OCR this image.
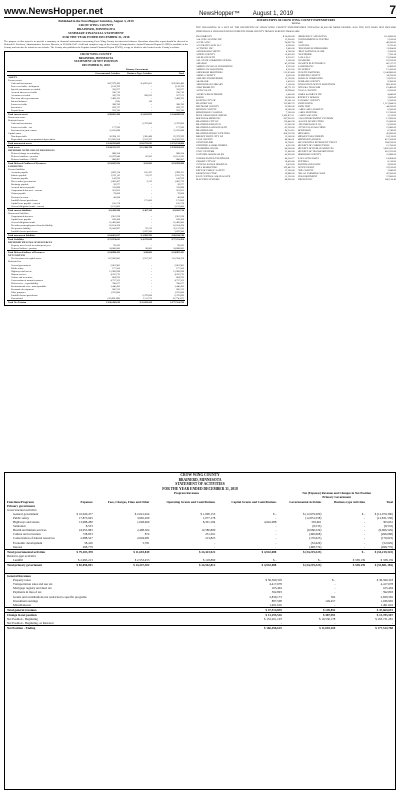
www.NewsHopper.net	NewsHopper™ August 1, 2019	7
Published in the NewsHopper Saturday, August 3, 2019
CROW WING COUNTY
BRAINERD, MINNESOTA
SUMMARY FINANCIAL STATEMENT
FOR THE YEAR ENDED DECEMBER 31, 2018
The purpose of this report is to provide a summary of financial information concerning Crow Wing County for interested citizens. Questions about this report should be directed to Deborah E. Erickson, Administrative Services Director, at 218-824-1047. A full and complete copy of the County's Comprehensive Annual Financial Report (CAFR) is available at the County and can also be found on our website. The County also publishes the Popular Annual Financial Report (PAFR), a copy of which is also located on the County's website.
CROW WING COUNTY
BRAINERD, MINNESOTA
STATEMENT OF NET POSITION
DECEMBER 31, 2018
	Primary Government		
	Governmental Activities	Business-Type Activities	Total
ASSETS			
Current assets			
Cash and investments	$ 87,979,429	$ 4,823,051	$ 92,802,480
Taxes receivable - delinquent	1,158,769	-	1,158,769
Special assessments receivable	310,877	-	310,877
Accrued interest receivable	250,716	-	250,716
Accounts receivable	326,759	200,812	527,571
Due from other governments	7,468,333	-	7,468,333
Internal balances	(110)	110	-
Loans receivable	388,786	-	388,786
Inventories	829,117	-	829,117
Prepaid items	932,336	-	932,336
Total current assets	$ 99,665,286	$ 5,023,973	$ 104,689,259
Noncurrent assets			
Restricted assets			
Cash and investments	-	6,379,090	6,379,090
Loans receivable - net	177,936	-	177,936
Investment in joint venture	11,635,688	-	11,635,688
Capital assets			
Non-depreciable	20,994,111	1,385,488	22,379,599
Depreciable - net of accumulated depreciation	112,050,354	2,512,237	114,562,591
Total noncurrent assets	$ 144,858,089	$ 10,276,815	$ 155,134,904
Total assets	$ 244,523,375	$ 15,300,788	$ 259,824,163
DEFERRED OUTFLOWS OF RESOURCES			
Deferred charge on refunding	888,164	-	888,164
Deferred outflows - pension	18,079,040	82,203	18,161,243
Deferred outflows - OPEB	880,087	-	880,087
Total Deferred Outflows of Resources	$ 19,847,291	$ 82,203	$ 19,929,494
LIABILITIES			
Current liabilities			
Accounts payable	1,893,574	105,187	1,998,761
Salaries payable	1,232,115	23,617	1,255,732
Contracts payable	143,970	-	143,970
Due to other governments	1,002,427	3,312	1,005,739
Retainage payable	39,277	-	39,277
Accrued interest payable	110,898	-	110,898
Compensated absences - current	501,653	-	501,653
Claims payable	78,668	-	78,668
Unearned revenue	46,838	-	46,838
Landfill closure/postclosure	-	175,000	175,000
Capital lease payable - current	105,178	-	105,178
General obligation bonds - current	3,155,000	-	3,155,000
Total current liabilities	$ 8,309,598	$ 307,116	$ 8,616,714
Noncurrent liabilities			
Compensated absences	1,901,228	-	1,901,228
Capital lease payable	620,438	-	620,438
General obligation bonds	16,485,000	-	16,485,000
Net other postemployment benefits liability	10,614,474	-	10,614,474
Net pension liability	35,043,897	93,123	35,137,020
Landfill closure/postclosure	-	3,876,580	3,876,580
Total noncurrent liabilities	$ 64,665,037	$ 3,969,703	$ 68,634,740
Total Liabilities	$ 72,974,635	$ 4,276,819	$ 77,251,454
DEFERRED INFLOWS OF RESOURCES			
Property taxes levied for subsequent year	99,412	-	99,412
Deferred inflows - pension	24,800,000	88,003	24,888,003
Total Deferred Inflows of Resources	$ 24,899,412	$ 88,003	$ 24,987,415
NET POSITION			
Net investment in capital assets	107,066,802	3,527,357	110,594,159
Restricted for			
General government	2,061,905	-	2,061,905
Public safety	177,166	-	177,166
Highways and streets	13,966,698	-	13,966,698
Human services	4,216,713	-	4,216,713
Culture and recreation	864,912	-	864,912
Conservation of natural resources	4,757,162	-	4,757,162
Debt service - expendability	780,077	-	780,077
Environmental svcs - nonexpendable	1,446,456	-	1,446,456
Economic development	666,313	-	666,313
Other purposes	1,225,000	-	1,225,000
Landfill closure/postclosure	-	6,379,090	6,379,090
Unrestricted	(10,886,289)	1,111,722	(9,774,567)
Total Net Position	$ 166,496,619	$ 11,018,169	$ 177,514,788
2018 RECEIPTS OF CROW WING COUNTY EXPENDITURES
TOTAL
THE FOLLOWING IS A LIST OF THE RECIPIENTS OF CROW WING COUNTY EXPENDITURES TOTALING $2,000 OR MORE DURING 2018. THE LIST DOES NOT INCLUDE INDIVIDUALS WHO RECEIVED PAYMENTS FROM COUNTY HUMAN SERVICE PROGRAMS.
3M COMPANY	$ 26,000.08
A & J EXCAVATING INC	11,000.00
ACCELA INC	24,907.90
ACCURATE LOCK LLC	6,200.45
ACTIVE911 INC	2,400.00
AFFORDABLE SEPTIC	4,760.00
AITKIN COUNTY	12,450.83
ALLINA HEALTH	8,210.12
ALL STATE COMMUNICATIONS	3,100.00
AMAZON	45,129.66
AMERICAN LEGAL PUBLISHING	9,250.00
AMERICAN SOLUTIONS	4,210.50
ANDERSON BROTHERS	512,874.40
ANOKA COUNTY	6,020.00
APPLIED ENGINEERING	15,700.00
ARAMARK	3,450.10
ARROWHEAD LIBRARY	2,100.00
AT&T MOBILITY	48,771.29
AUTO VALUE	10,998.42
AVERY WEIGH-TRONIX	5,400.00
BAIRD	18,000.00
BAXTER CITY OF	92,341.14
BEAUDRY OIL	133,882.70
BELTRAMI COUNTY	22,080.00
BENTON COUNTY	14,360.00
BERGERSON CASWELL	7,200.00
BLUE CROSS BLUE SHIELD	3,450,871.11
BOLTON & MENK INC	287,930.16
BRAINERD CITY OF	176,443.38
BRAINERD DISPATCH	21,902.00
BRAINERD LAKES HEALTH	65,230.00
BRAINERD OIL	96,114.55
BRAINERD PUBLIC UTILITIES	458,332.90
BREEZY POINT CITY OF	13,500.00
CASS COUNTY	88,240.31
CENTURYLINK	58,760.11
CERTIFIED LABORATORIES	4,012.00
CHAMBERLAIN OIL	66,300.00
CIVIC SYSTEMS	31,400.00
CLIFTONLARSONALLEN	42,900.00
CONSOLIDATED TELEPHONE	84,216.77
CROSBY CITY OF	18,450.00
CUYUNA RANGE HOSPITAL	9,870.00
DELL MARKETING	102,447.20
DEPT OF PUBLIC SAFETY	17,300.00
DESIGN ELECTRIC	26,480.00
EAST CENTRAL SOLID WASTE	53,120.00
ELECTION SYSTEMS	88,900.00
EMERGENCY APPARATUS	$ 14,800.00
ENVIRONMENTAL TESTING	5,610.00
ESRI	48,200.00
FASTENAL	9,332.41
FERGUSON WATERWORKS	11,004.00
FIRST NATIONAL BANK	3,200.00
FLEETPRIDE	7,760.18
GALLS LLC	21,034.66
GRAINGER	18,220.00
GRANITE ELECTRONICS	66,517.27
HAWKINS INC	8,409.00
HD SUPPLY	12,410.00
HEALTH PARTNERS	2,140,880.00
HENNEPIN COUNTY	34,220.00
HOLIDAY COMPANIES	31,870.55
HUBBARD COUNTY	8,300.00
INNOVATIVE OFFICE SOLUTIONS	88,143.00
INTEGRA TELECOM	19,460.00
ITASCA COUNTY	6,200.00
JAMES & GRIEVE INC	4,840.00
JEFFREY L BOMAN	3,000.00
KANABEC COUNTY	2,500.00
KNIFE RIVER	1,112,844.32
KWIK TRIP	44,200.00
LAKES AREA HABITAT	6,500.00
LAKES PRINTING	12,330.00
LANGUAGE LINE	5,120.00
LAW ENFORCEMENT SYSTEMS	12,900.00
LEAGUE OF MN CITIES	25,000.00
LIFE INSURANCE CO	11,200.00
LITTLE FALLS MACHINE	21,880.00
MCKESSON	6,740.00
MENARDS	45,600.00
MIDWEST MACHINERY	18,120.00
MINNESOTA POWER	412,356.00
MN COUNTIES INTERGOVT TRUST	384,230.00
MN DEPT OF CORRECTIONS	15,700.00
MN DEPT OF HUMAN SERVICES	3,802,412.30
MN DEPT OF TRANSPORTATION	610,225.00
MORRISON COUNTY	55,880.00
NAPA AUTO PARTS	14,904.00
NEXTERA	8,110.00
NORTHLAND PARTS	9,620.00
OFFICE DEPOT	23,100.00
PINE COUNTY	3,840.00
PRO AG FARMERS COOP	42,300.00
RDO EQUIPMENT	57,800.00
ZIEGLER INC	366,510.40
CROW WING COUNTY
BRAINERD, MINNESOTA
STATEMENT OF ACTIVITIES
FOR THE YEAR ENDED DECEMBER 31, 2018
		Program Revenues			Net (Expense) Revenue and Changes in Net Position		
					Primary Government		
Functions/Programs	Expenses	Fees, Charges, Fines and Other	Operating Grants and Contributions	Capital Grants and Contributions	Governmental Activities	Business-type Activities	Total
Primary government							
Governmental activities							
General government	$ 16,020,477	$ 2,041,024	$ 1,000,153	$ -	$ (12,979,300)	$ -	$ (12,979,300)
Public safety	17,873,945	3,965,209	1,077,178	-	(12,831,558)	-	(12,831,558)
Highways and streets	13,988,280	1,048,669	8,301,184	4,942,088	303,661	-	303,661
Sanitation	8,533	-	-	-	(8,533)	-	(8,533)
Health and human services	24,955,983	2,408,564	12,580,890	-	(9,966,529)	-	(9,966,529)
Culture and recreation	728,833	874	231,291	-	(496,668)	-	(496,668)
Conservation of natural resources	2,988,527	2,604,081	213,823	-	(170,623)	-	(170,623)
Economic development	58,410	5,781	-	-	(52,629)	-	(52,629)
Interest	498,779	-	-	-	(498,779)	-	(498,779)
Total governmental activities	$ 79,103,478	$ 11,693,849	$ 24,423,922	$ 4,942,088	$ (34,219,323)	$ -	$ (34,219,323)
Business-type activities							
Landfill	$ 2,993,213	$ 2,553,453	$ 118,890	$ -	$ -	$ 338,139	$ 338,139
Total primary government	$ 82,096,691	$ 14,247,302	$ 24,542,812	$ 4,942,088	$ (34,219,323)	$ 338,139	$ (33,881,184)
General Revenues			
Property taxes	$ 36,590,318	$ -	$ 36,590,318
Transportation sales and use tax	4,417,678	-	4,417,678
Mortgage registry and deed tax	105,494	-	105,494
Payments in lieu of tax	592,893	-	592,893
Grants and contributions not restricted to specific programs	2,839,173	392	2,839,565
Investment earnings	887,508	149,457	1,036,965
Miscellaneous	1,491,616	-	1,491,616
Total general revenues	$ 47,514,839	$ 149,852	$ 47,664,691
Change in net position	$ 13,295,516	$ 487,991	$ 13,783,507
Net Position - Beginning	$ 153,201,103	$ 10,530,178	$ 163,731,281
Net Position - Beginning, as Restated	-	-	-
Net Position - Ending	$ 166,496,619	$ 11,018,169	$ 177,514,788
